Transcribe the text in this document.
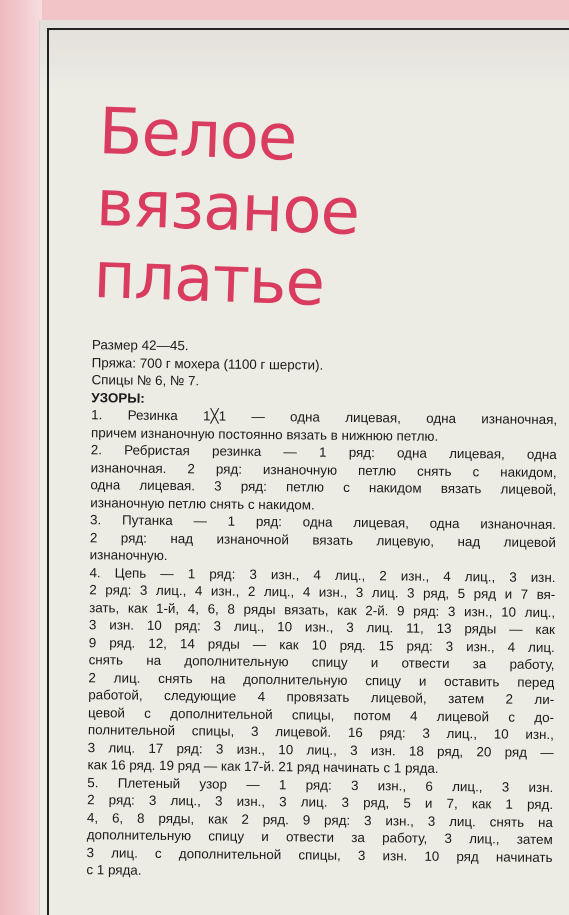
Белое
вязаное
платье
Размер 42—45.
Пряжа: 700 г мохера (1100 г шерсти).
Спицы № 6, № 7.
УЗОРЫ:
1. Резинка 1╳1 — одна лицевая, одна изнаночная,
причем изнаночную постоянно вязать в нижнюю петлю.
2. Ребристая резинка — 1 ряд: одна лицевая, одна
изнаночная. 2 ряд: изнаночную петлю снять с накидом,
одна лицевая. 3 ряд: петлю с накидом вязать лицевой,
изнаночную петлю снять с накидом.
3. Путанка — 1 ряд: одна лицевая, одна изнаночная.
2 ряд: над изнаночной вязать лицевую, над лицевой
изнаночную.
4. Цепь — 1 ряд: 3 изн., 4 лиц., 2 изн., 4 лиц., 3 изн.
2 ряд: 3 лиц., 4 изн., 2 лиц., 4 изн., 3 лиц. 3 ряд, 5 ряд и 7 вя-
зать, как 1-й, 4, 6, 8 ряды вязать, как 2-й. 9 ряд: 3 изн., 10 лиц.,
3 изн. 10 ряд: 3 лиц., 10 изн., 3 лиц. 11, 13 ряды — как
9 ряд. 12, 14 ряды — как 10 ряд. 15 ряд: 3 изн., 4 лиц.
снять на дополнительную спицу и отвести за работу,
2 лиц. снять на дополнительную спицу и оставить перед
работой, следующие 4 провязать лицевой, затем 2 ли-
цевой с дополнительной спицы, потом 4 лицевой с до-
полнительной спицы, 3 лицевой. 16 ряд: 3 лиц., 10 изн.,
3 лиц. 17 ряд: 3 изн., 10 лиц., 3 изн. 18 ряд, 20 ряд —
как 16 ряд. 19 ряд — как 17-й. 21 ряд начинать с 1 ряда.
5. Плетеный узор — 1 ряд: 3 изн., 6 лиц., 3 изн.
2 ряд: 3 лиц., 3 изн., 3 лиц. 3 ряд, 5 и 7, как 1 ряд.
4, 6, 8 ряды, как 2 ряд. 9 ряд: 3 изн., 3 лиц. снять на
дополнительную спицу и отвести за работу, 3 лиц., затем
3 лиц. с дополнительной спицы, 3 изн. 10 ряд начинать
с 1 ряда.
